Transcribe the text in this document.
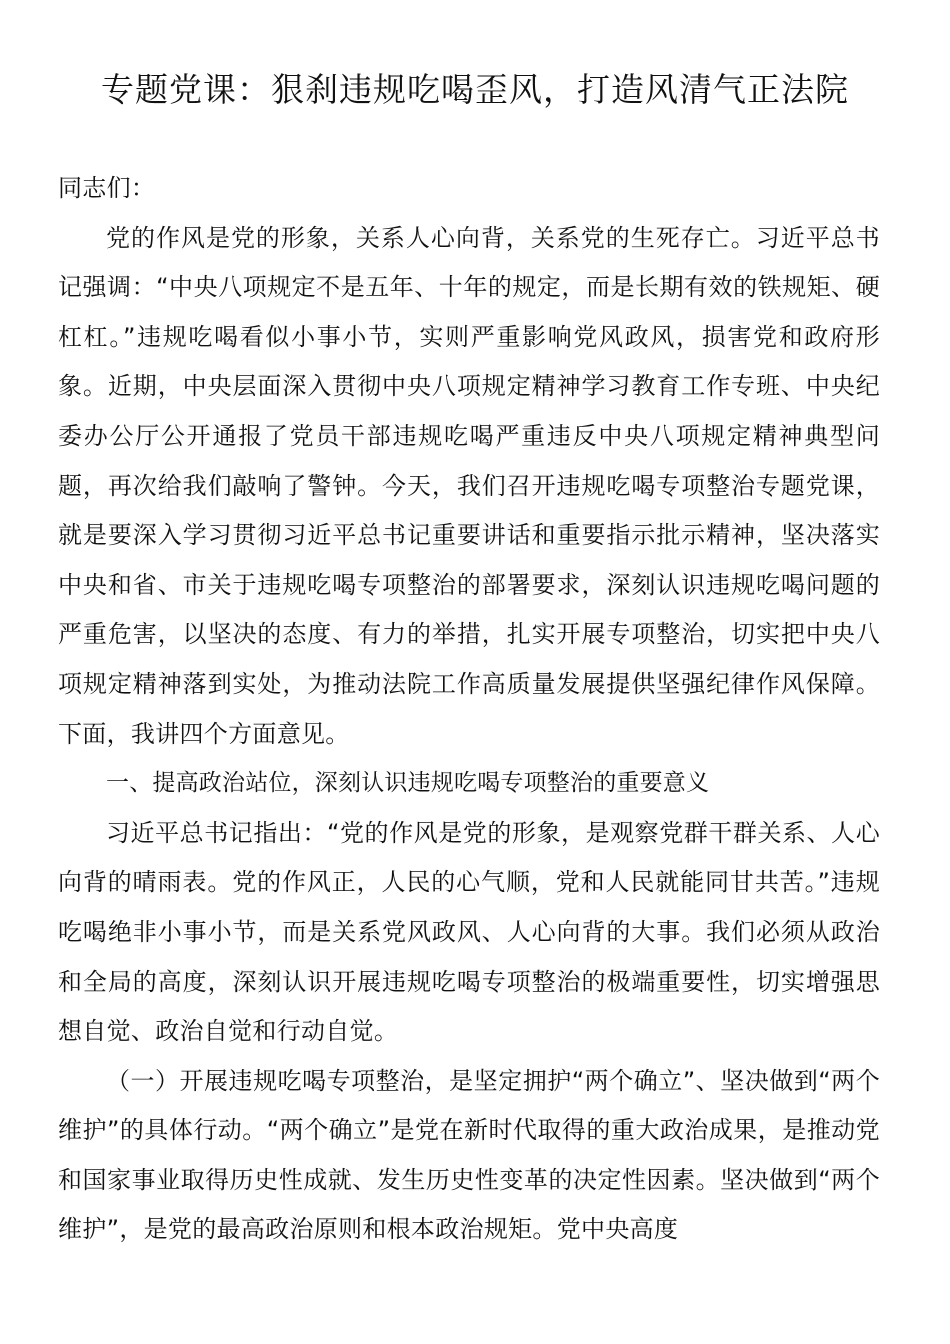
专题党课：狠刹违规吃喝歪风，打造风清气正法院

同志们：

党的作风是党的形象，关系人心向背，关系党的生死存亡。习近平总书记强调：“中央八项规定不是五年、十年的规定，而是长期有效的铁规矩、硬杠杠。”违规吃喝看似小事小节，实则严重影响党风政风，损害党和政府形象。近期，中央层面深入贯彻中央八项规定精神学习教育工作专班、中央纪委办公厅公开通报了党员干部违规吃喝严重违反中央八项规定精神典型问题，再次给我们敲响了警钟。今天，我们召开违规吃喝专项整治专题党课，就是要深入学习贯彻习近平总书记重要讲话和重要指示批示精神，坚决落实中央和省、市关于违规吃喝专项整治的部署要求，深刻认识违规吃喝问题的严重危害，以坚决的态度、有力的举措，扎实开展专项整治，切实把中央八项规定精神落到实处，为推动法院工作高质量发展提供坚强纪律作风保障。下面，我讲四个方面意见。

一、提高政治站位，深刻认识违规吃喝专项整治的重要意义

习近平总书记指出：“党的作风是党的形象，是观察党群干群关系、人心向背的晴雨表。党的作风正，人民的心气顺，党和人民就能同甘共苦。”违规吃喝绝非小事小节，而是关系党风政风、人心向背的大事。我们必须从政治和全局的高度，深刻认识开展违规吃喝专项整治的极端重要性，切实增强思想自觉、政治自觉和行动自觉。

（一）开展违规吃喝专项整治，是坚定拥护“两个确立”、坚决做到“两个维护”的具体行动。“两个确立”是党在新时代取得的重大政治成果，是推动党和国家事业取得历史性成就、发生历史性变革的决定性因素。坚决做到“两个维护”，是党的最高政治原则和根本政治规矩。党中央高度
